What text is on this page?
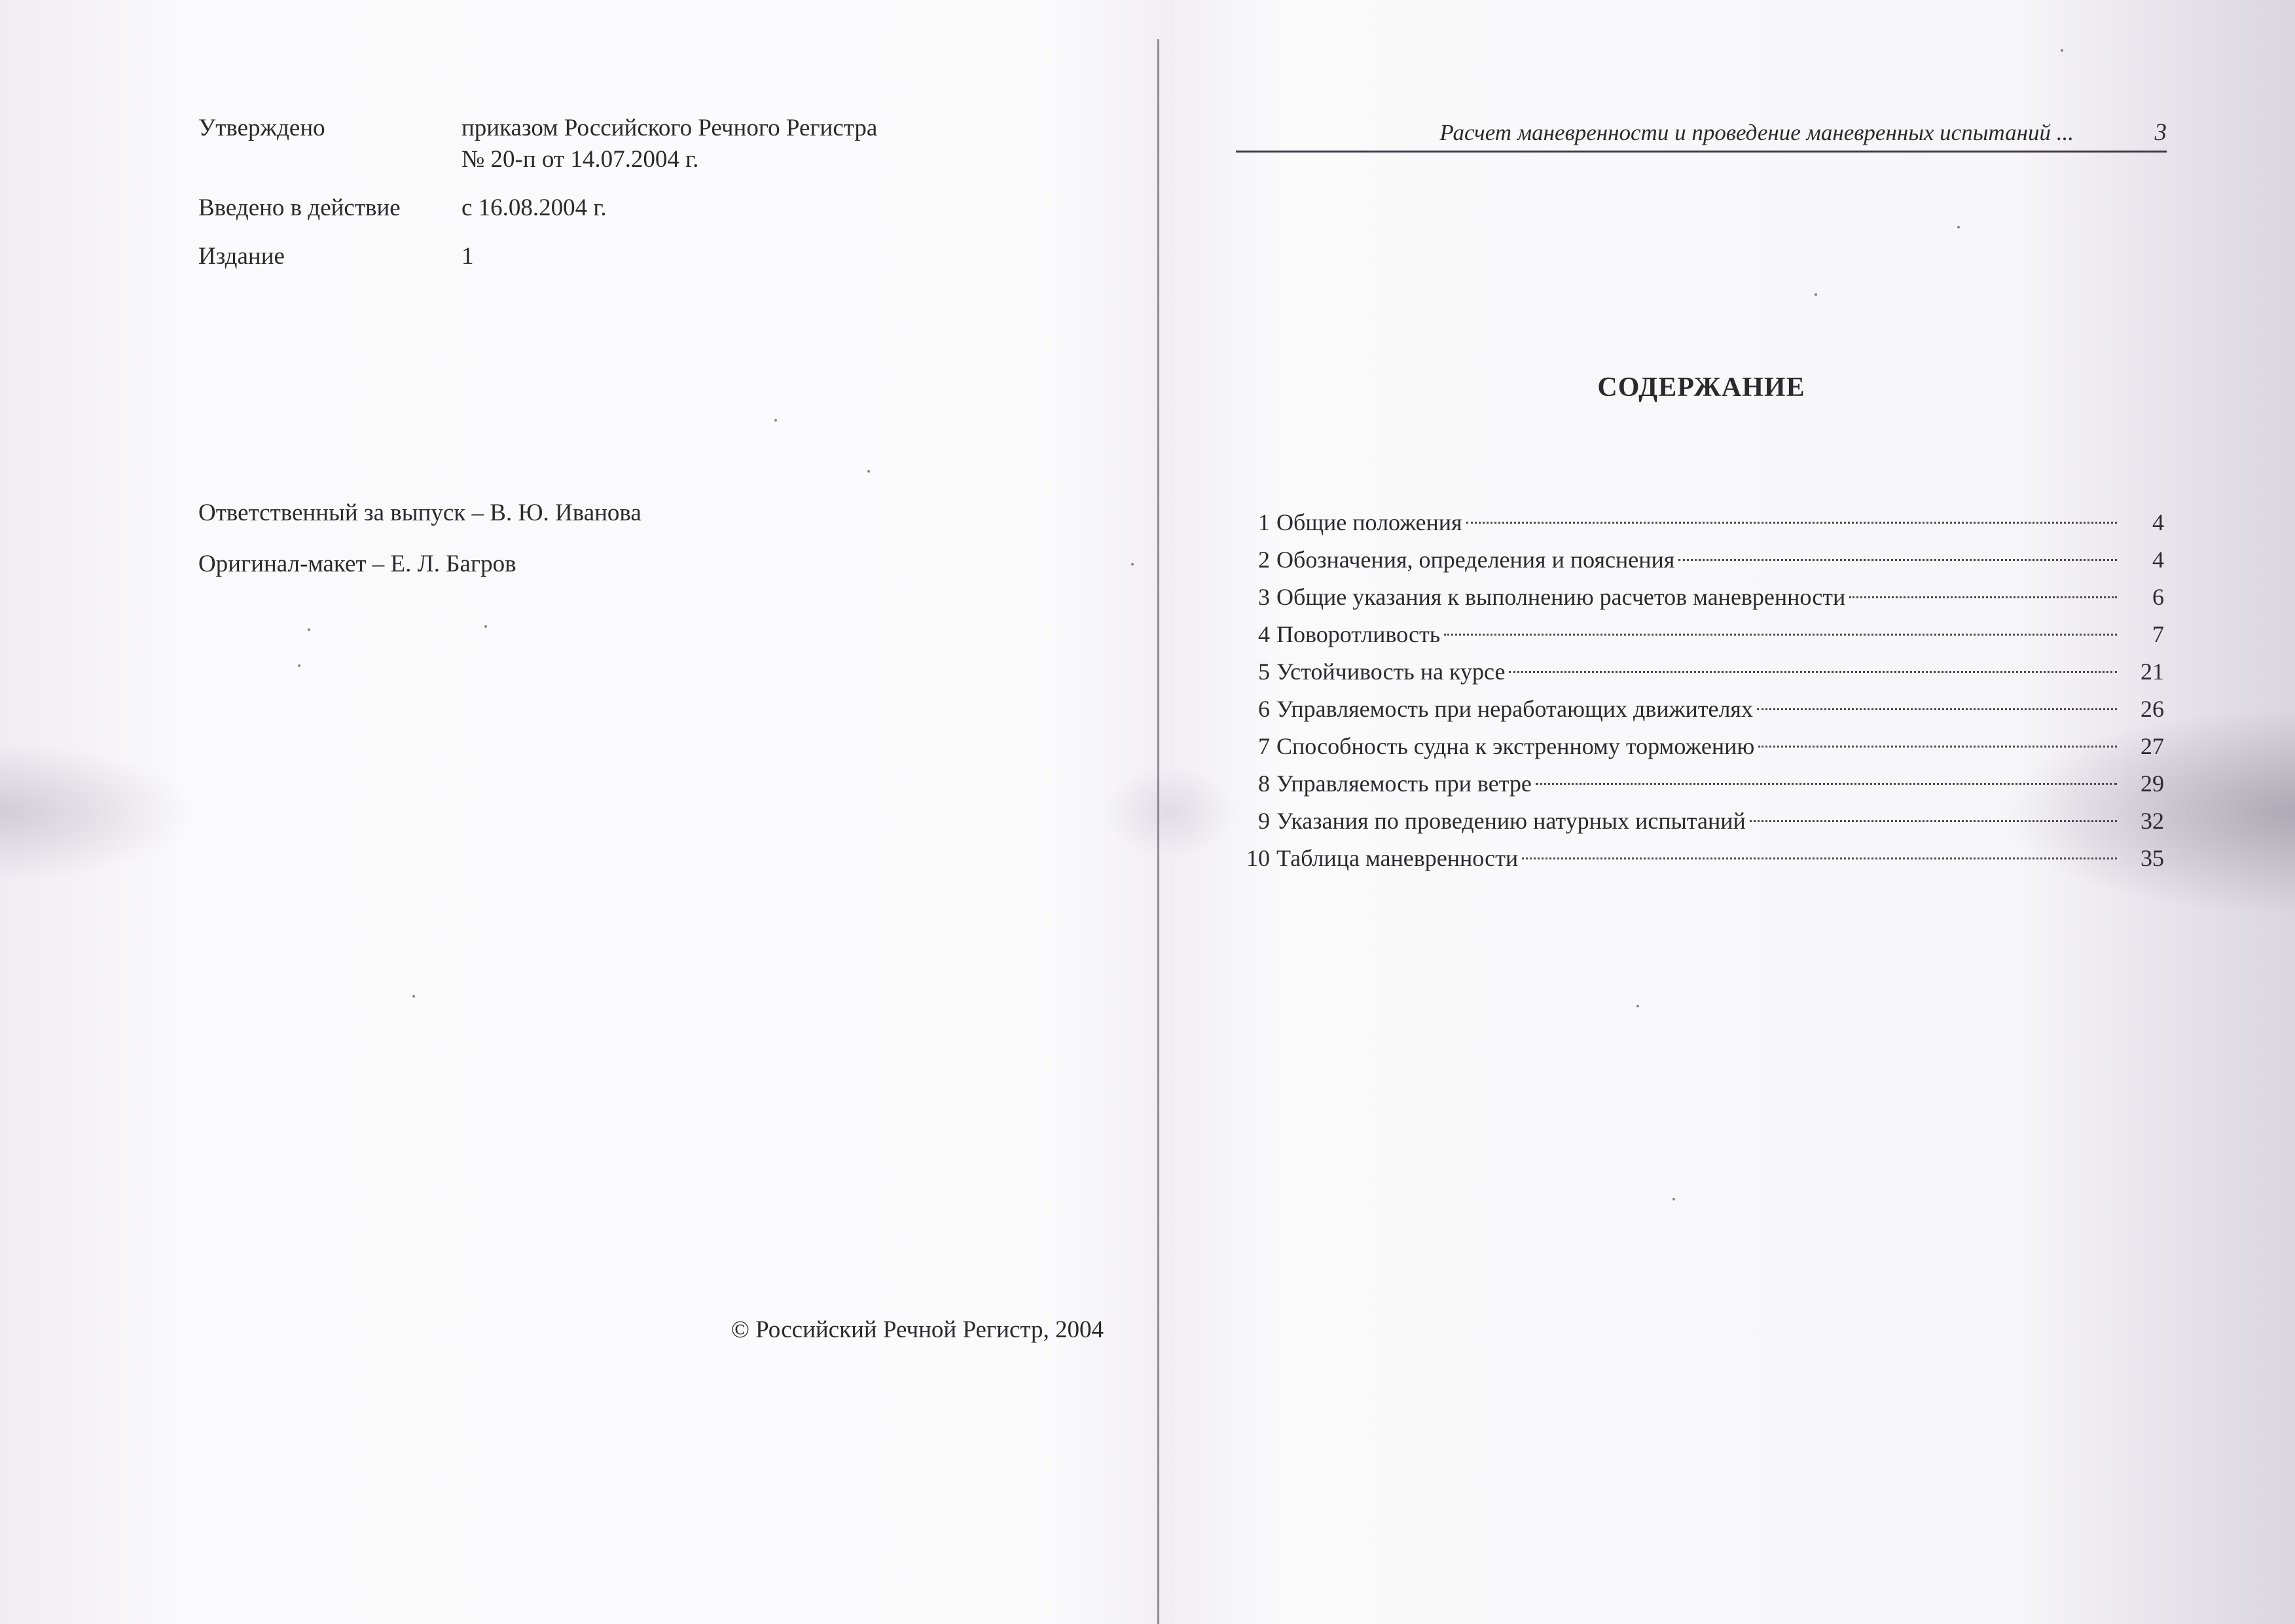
Утверждено	приказом Российского Речного Регистра
№ 20-п от 14.07.2004 г.

Введено в действие	с 16.08.2004 г.
Издание	1
Ответственный за выпуск – В. Ю. Иванова
Оригинал-макет – Е. Л. Багров
© Российский Речной Регистр, 2004
Расчет маневренности и проведение маневренных испытаний ...	3
СОДЕРЖАНИЕ
1 Общие положения	4
2 Обозначения, определения и пояснения	4
3 Общие указания к выполнению расчетов маневренности	6
4 Поворотливость	7
5 Устойчивость на курсе	21
6 Управляемость при неработающих движителях	26
7 Способность судна к экстренному торможению	27
8 Управляемость при ветре	29
9 Указания по проведению натурных испытаний	32
10 Таблица маневренности	35
